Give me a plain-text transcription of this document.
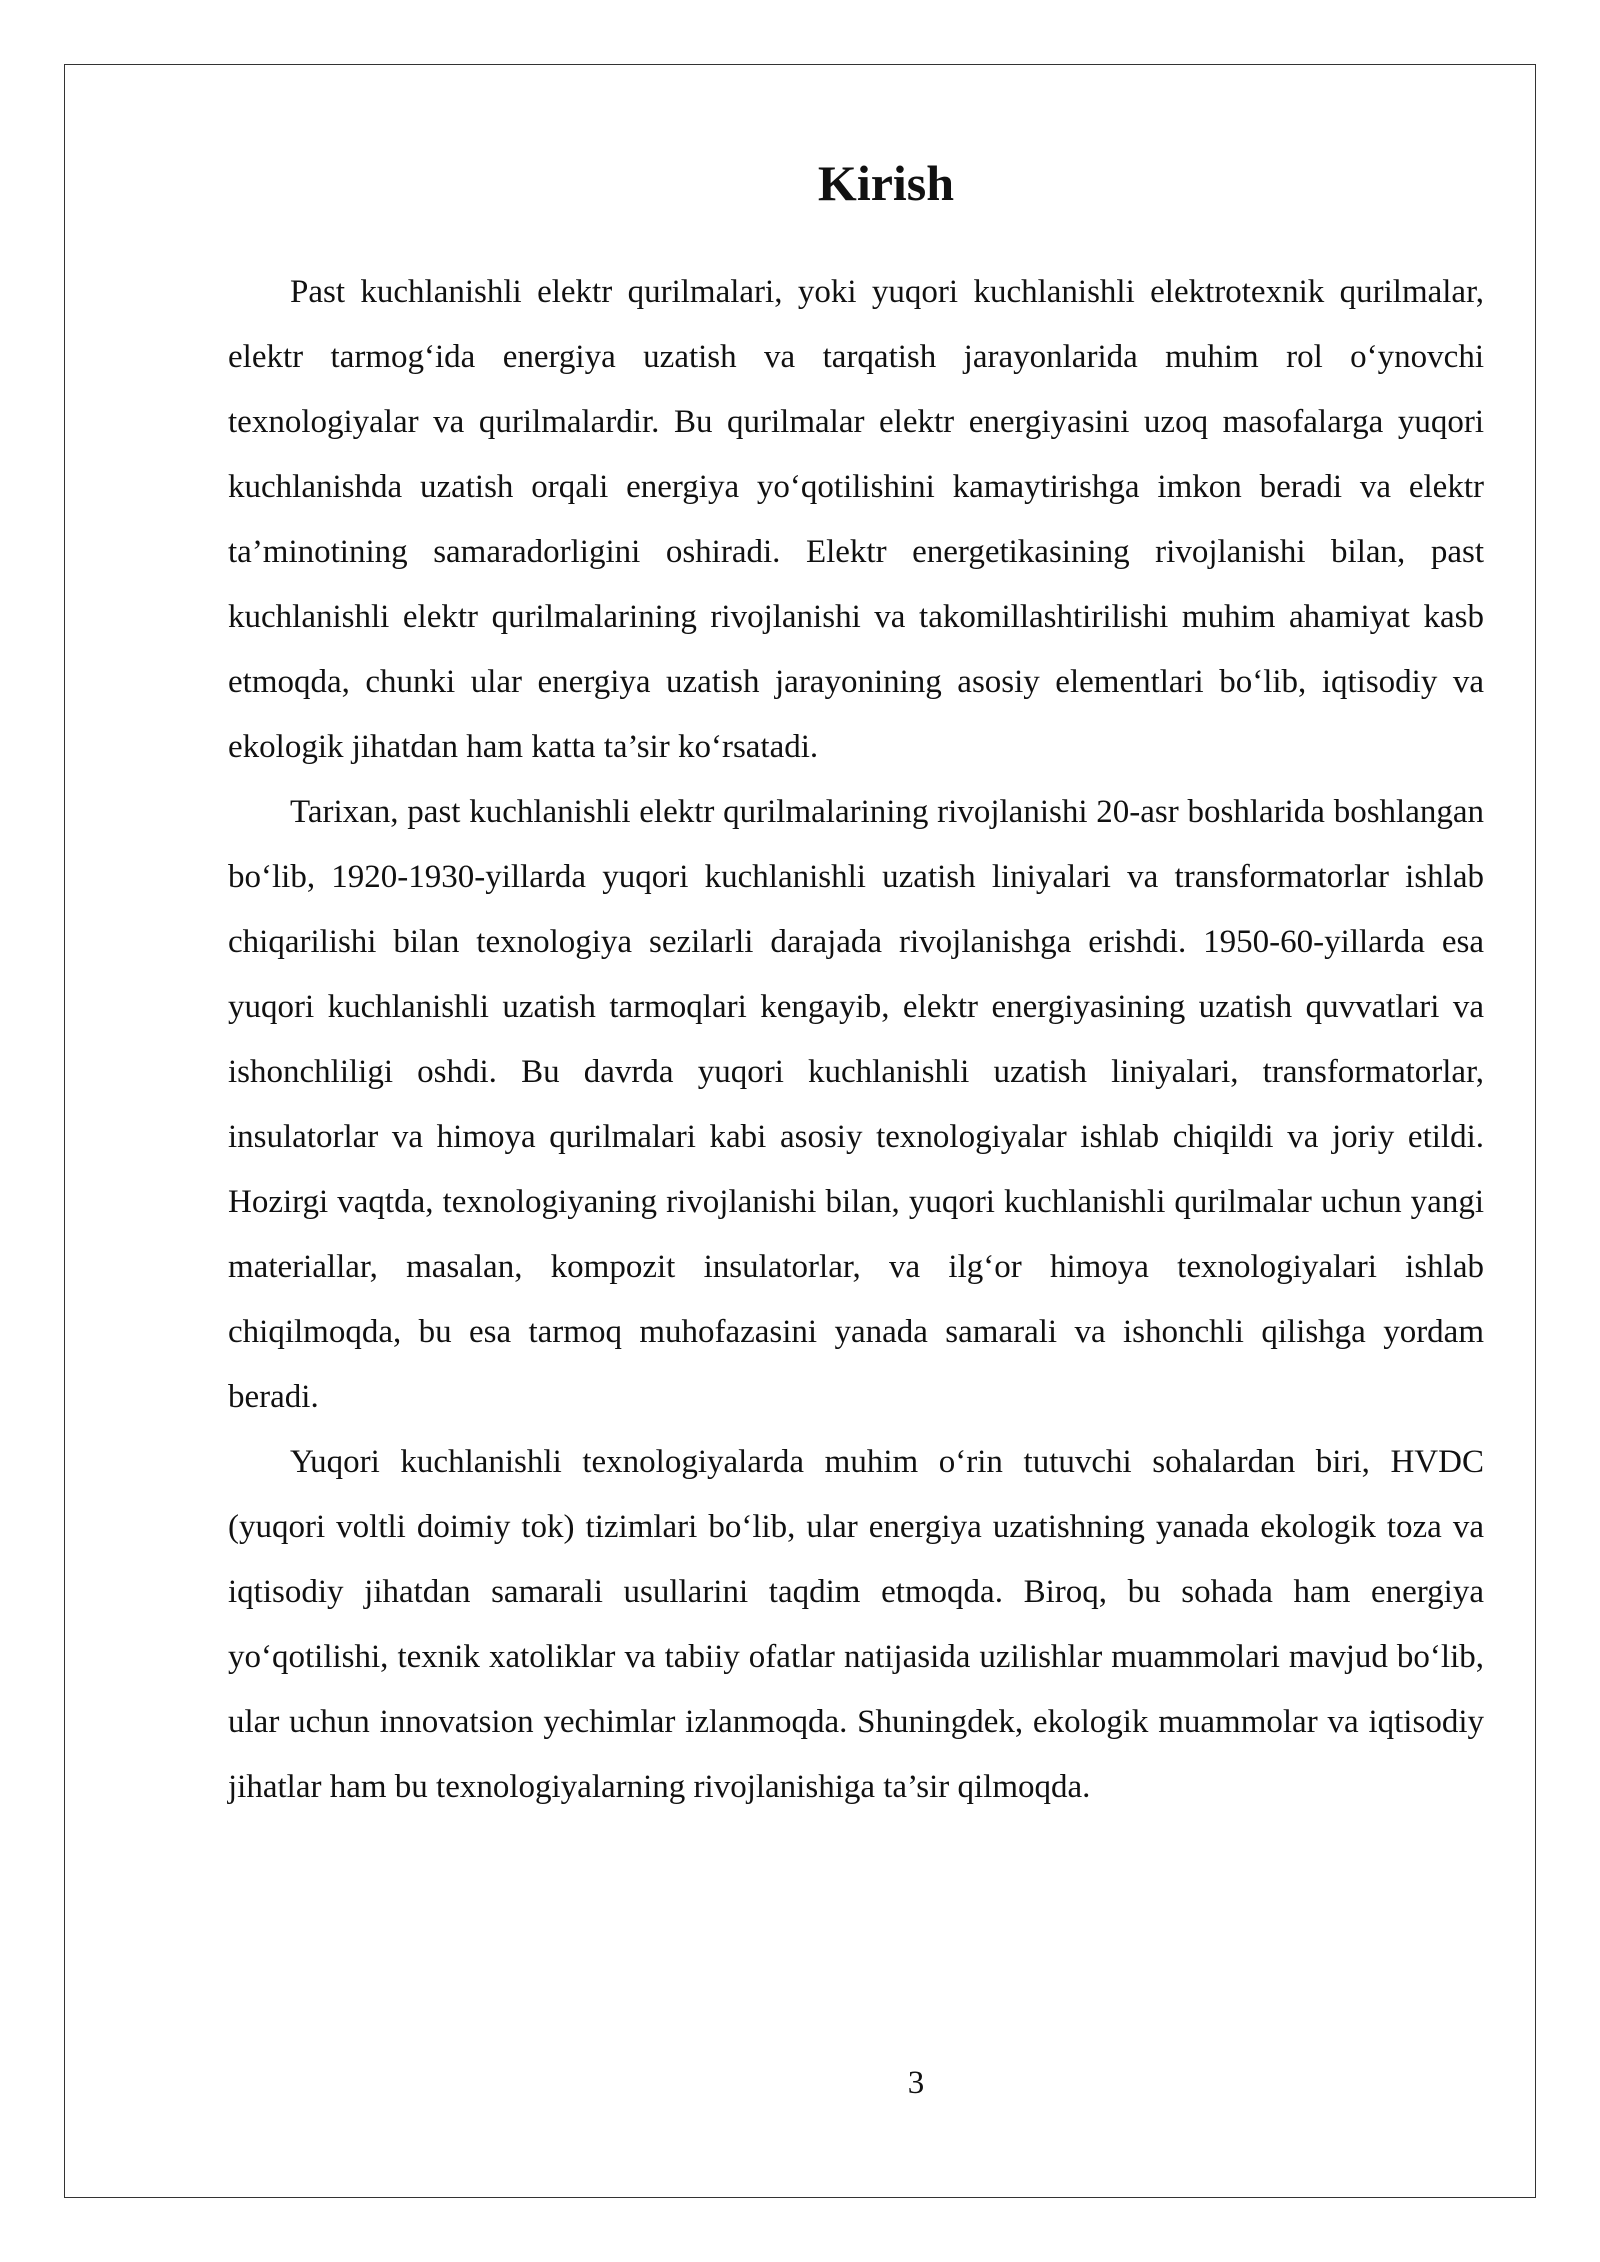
Kirish

Past kuchlanishli elektr qurilmalari, yoki yuqori kuchlanishli elektrotexnik qurilmalar, elektr tarmog‘ida energiya uzatish va tarqatish jarayonlarida muhim rol o‘ynovchi texnologiyalar va qurilmalardir. Bu qurilmalar elektr energiyasini uzoq masofalarga yuqori kuchlanishda uzatish orqali energiya yo‘qotilishini kamaytirishga imkon beradi va elektr ta’minotining samaradorligini oshiradi. Elektr energetikasining rivojlanishi bilan, past kuchlanishli elektr qurilmalarining rivojlanishi va takomillashtirilishi muhim ahamiyat kasb etmoqda, chunki ular energiya uzatish jarayonining asosiy elementlari bo‘lib, iqtisodiy va ekologik jihatdan ham katta ta’sir ko‘rsatadi.

Tarixan, past kuchlanishli elektr qurilmalarining rivojlanishi 20-asr boshlarida boshlangan bo‘lib, 1920-1930-yillarda yuqori kuchlanishli uzatish liniyalari va transformatorlar ishlab chiqarilishi bilan texnologiya sezilarli darajada rivojlanishga erishdi. 1950-60-yillarda esa yuqori kuchlanishli uzatish tarmoqlari kengayib, elektr energiyasining uzatish quvvatlari va ishonchliligi oshdi. Bu davrda yuqori kuchlanishli uzatish liniyalari, transformatorlar, insulatorlar va himoya qurilmalari kabi asosiy texnologiyalar ishlab chiqildi va joriy etildi. Hozirgi vaqtda, texnologiyaning rivojlanishi bilan, yuqori kuchlanishli qurilmalar uchun yangi materiallar, masalan, kompozit insulatorlar, va ilg‘or himoya texnologiyalari ishlab chiqilmoqda, bu esa tarmoq muhofazasini yanada samarali va ishonchli qilishga yordam beradi.

Yuqori kuchlanishli texnologiyalarda muhim o‘rin tutuvchi sohalardan biri, HVDC (yuqori voltli doimiy tok) tizimlari bo‘lib, ular energiya uzatishning yanada ekologik toza va iqtisodiy jihatdan samarali usullarini taqdim etmoqda. Biroq, bu sohada ham energiya yo‘qotilishi, texnik xatoliklar va tabiiy ofatlar natijasida uzilishlar muammolari mavjud bo‘lib, ular uchun innovatsion yechimlar izlanmoqda. Shuningdek, ekologik muammolar va iqtisodiy jihatlar ham bu texnologiyalarning rivojlanishiga ta’sir qilmoqda.

3
